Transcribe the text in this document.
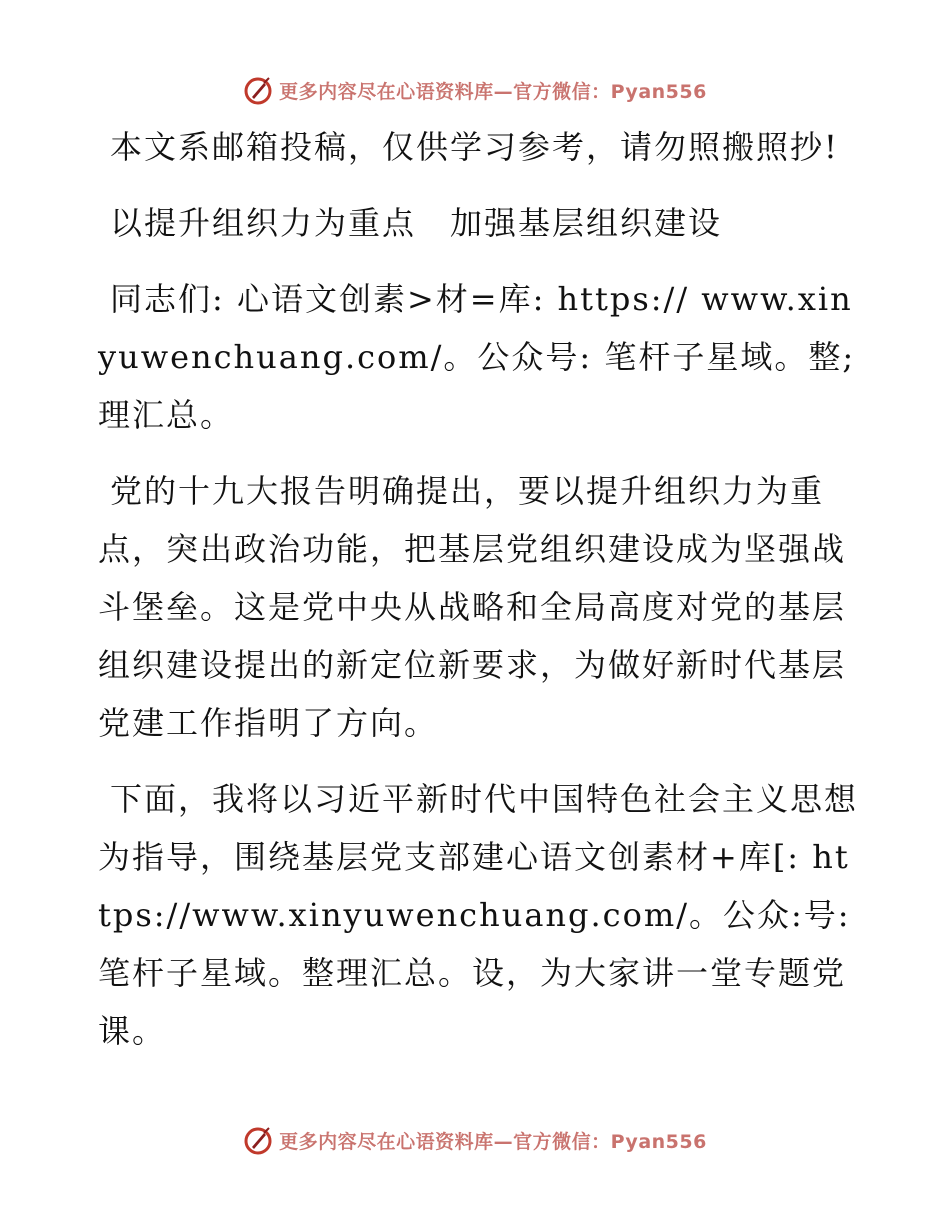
更多内容尽在心语资料库—官方微信：Pyan556

本文系邮箱投稿，仅供学习参考，请勿照搬照抄!

以提升组织力为重点　加强基层组织建设

同志们: 心语文创素>材=库: https:// www.xinyuwenchuang.com/。公众号: 笔杆子星域。整;理汇总。

党的十九大报告明确提出，要以提升组织力为重点，突出政治功能，把基层党组织建设成为坚强战斗堡垒。这是党中央从战略和全局高度对党的基层组织建设提出的新定位新要求，为做好新时代基层党建工作指明了方向。

下面，我将以习近平新时代中国特色社会主义思想为指导，围绕基层党支部建心语文创素材+库[: https://www.xinyuwenchuang.com/。公众:号: 笔杆子星域。整理汇总。设，为大家讲一堂专题党课。

更多内容尽在心语资料库—官方微信：Pyan556
